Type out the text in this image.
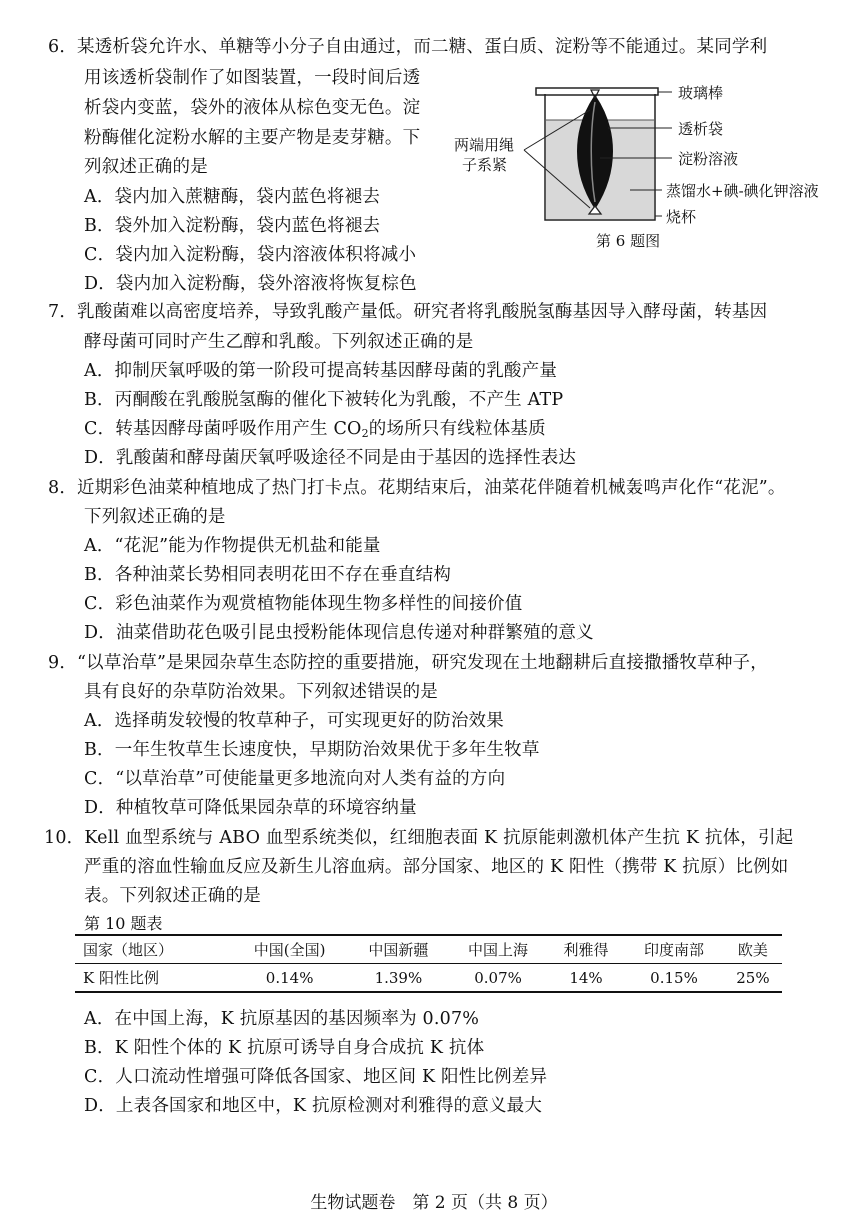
6．某透析袋允许水、单糖等小分子自由通过，而二糖、蛋白质、淀粉等不能通过。某同学利
用该透析袋制作了如图装置，一段时间后透
析袋内变蓝，袋外的液体从棕色变无色。淀
粉酶催化淀粉水解的主要产物是麦芽糖。下
列叙述正确的是
A．袋内加入蔗糖酶，袋内蓝色将褪去
B．袋外加入淀粉酶，袋内蓝色将褪去
C．袋内加入淀粉酶，袋内溶液体积将减小
D．袋内加入淀粉酶，袋外溶液将恢复棕色
玻璃棒
两端用绳
子系紧
透析袋
淀粉溶液
蒸馏水+碘-碘化钾溶液
烧杯
第 6 题图
7．乳酸菌难以高密度培养，导致乳酸产量低。研究者将乳酸脱氢酶基因导入酵母菌，转基因
酵母菌可同时产生乙醇和乳酸。下列叙述正确的是
A．抑制厌氧呼吸的第一阶段可提高转基因酵母菌的乳酸产量
B．丙酮酸在乳酸脱氢酶的催化下被转化为乳酸，不产生 ATP
C．转基因酵母菌呼吸作用产生 $CO_2$的场所只有线粒体基质
D．乳酸菌和酵母菌厌氧呼吸途径不同是由于基因的选择性表达
8．近期彩色油菜种植地成了热门打卡点。花期结束后，油菜花伴随着机械轰鸣声化作“花泥”。
下列叙述正确的是
A．“花泥”能为作物提供无机盐和能量
B．各种油菜长势相同表明花田不存在垂直结构
C．彩色油菜作为观赏植物能体现生物多样性的间接价值
D．油菜借助花色吸引昆虫授粉能体现信息传递对种群繁殖的意义
9．“以草治草”是果园杂草生态防控的重要措施，研究发现在土地翻耕后直接撒播牧草种子，
具有良好的杂草防治效果。下列叙述错误的是
A．选择萌发较慢的牧草种子，可实现更好的防治效果
B．一年生牧草生长速度快，早期防治效果优于多年生牧草
C．“以草治草”可使能量更多地流向对人类有益的方向
D．种植牧草可降低果园杂草的环境容纳量
10．Kell 血型系统与 ABO 血型系统类似，红细胞表面 K 抗原能刺激机体产生抗 K 抗体，引起
严重的溶血性输血反应及新生儿溶血病。部分国家、地区的 K 阳性（携带 K 抗原）比例如
表。下列叙述正确的是
第 10 题表
国家（地区）	中国(全国)	中国新疆	中国上海	利雅得	印度南部	欧美
K 阳性比例	0.14%	1.39%	0.07%	14%	0.15%	25%
A．在中国上海，K 抗原基因的基因频率为 0.07%
B．K 阳性个体的 K 抗原可诱导自身合成抗 K 抗体
C．人口流动性增强可降低各国家、地区间 K 阳性比例差异
D．上表各国家和地区中，K 抗原检测对利雅得的意义最大
生物试题卷　第 2 页（共 8 页）
